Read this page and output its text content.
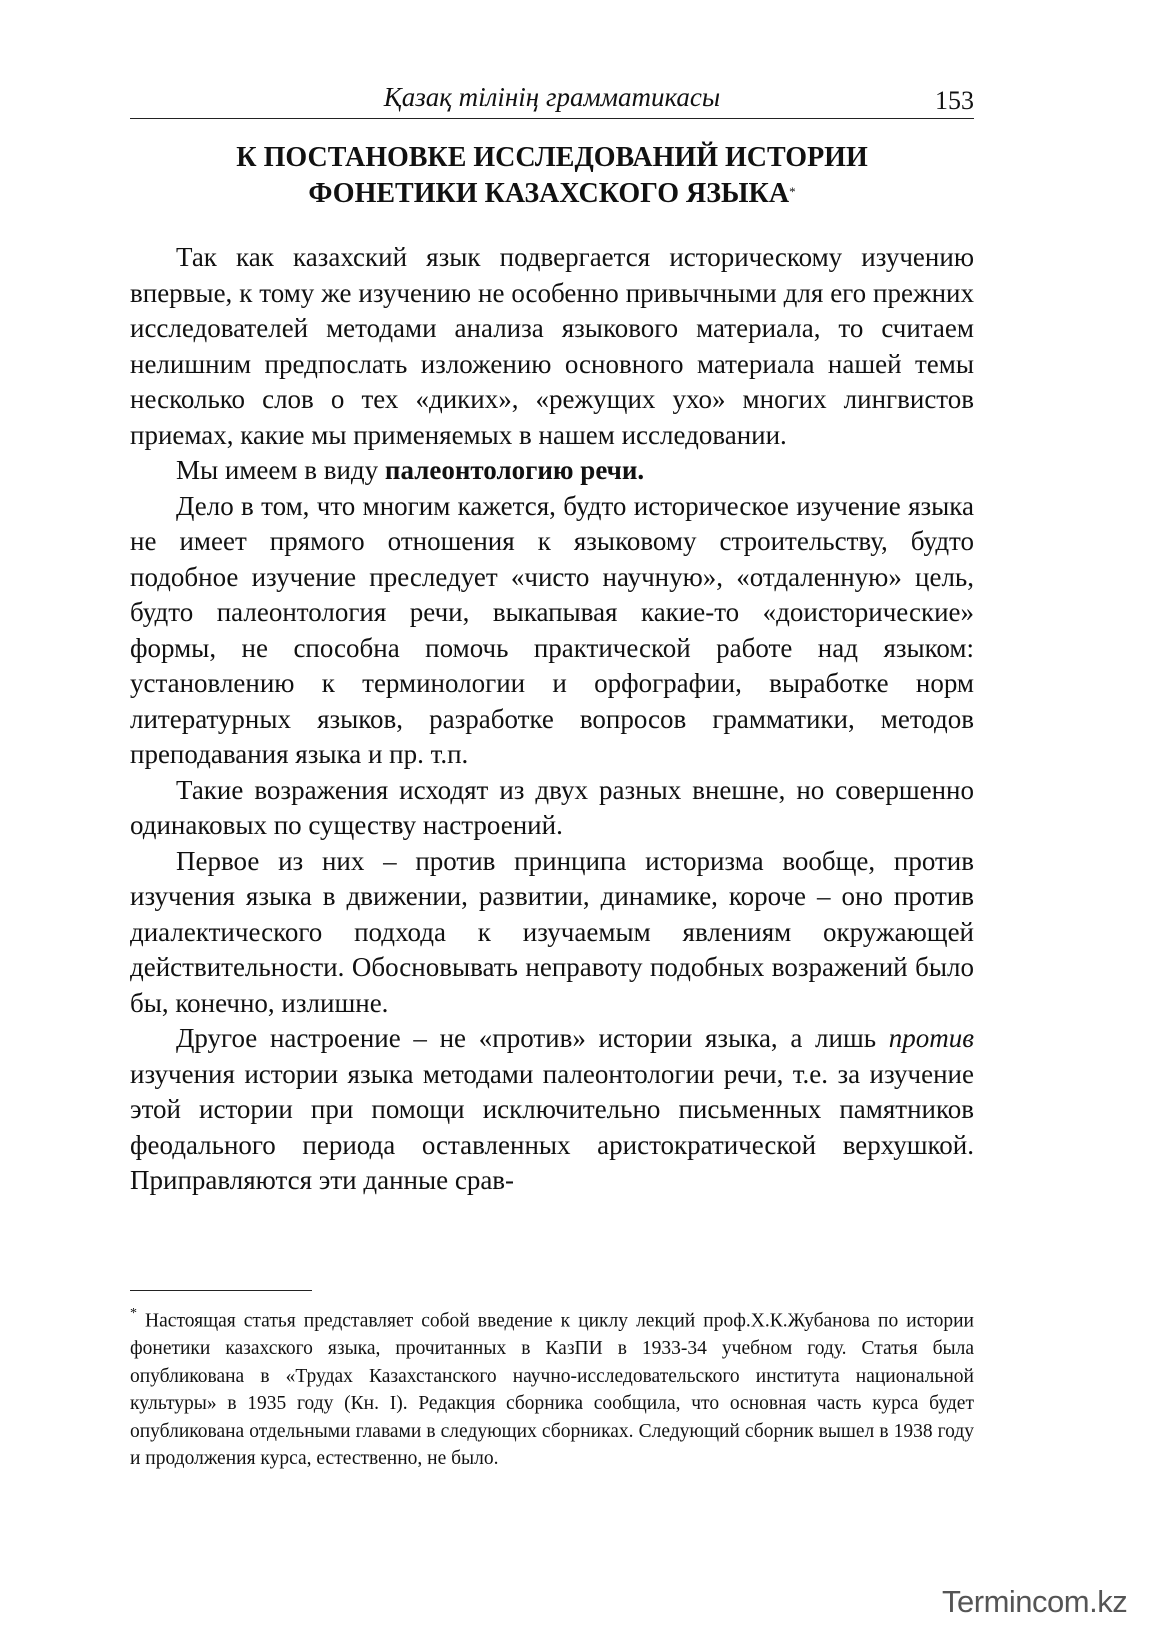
Қазақ тілінің грамматикасы	153
К ПОСТАНОВКЕ ИССЛЕДОВАНИЙ ИСТОРИИ
ФОНЕТИКИ КАЗАХСКОГО ЯЗЫКА*

Так как казахский язык подвергается историческому изучению впервые, к тому же изучению не особенно привычными для его прежних исследователей методами анализа языкового материала, то считаем нелишним предпослать изложению основного материала нашей темы несколько слов о тех «диких», «режущих ухо» многих лингвистов приемах, какие мы применяемых в нашем исследовании.

Мы имеем в виду палеонтологию речи.

Дело в том, что многим кажется, будто историческое изучение языка не имеет прямого отношения к языковому строительству, будто подобное изучение преследует «чисто научную», «отдаленную» цель, будто палеонтология речи, выкапывая какие-то «доисторические» формы, не способна помочь практической работе над языком: установлению к терминологии и орфографии, выработке норм литературных языков, разработке вопросов грамматики, методов преподавания языка и пр. т.п.

Такие возражения исходят из двух разных внешне, но совершенно одинаковых по существу настроений.

Первое из них – против принципа историзма вообще, против изучения языка в движении, развитии, динамике, короче – оно против диалектического подхода к изучаемым явлениям окружающей действительности. Обосновывать неправоту подобных возражений было бы, конечно, излишне.

Другое настроение – не «против» истории языка, а лишь против изучения истории языка методами палеонтологии речи, т.е. за изучение этой истории при помощи исключительно письменных памятников феодального периода оставленных аристократической верхушкой. Приправляются эти данные срав-

* Настоящая статья представляет собой введение к циклу лекций проф.Х.К.Жубанова по истории фонетики казахского языка, прочитанных в КазПИ в 1933-34 учебном году. Статья была опубликована в «Трудах Казахстанского научно-исследовательского института национальной культуры» в 1935 году (Кн. I). Редакция сборника сообщила, что основная часть курса будет опубликована отдельными главами в следующих сборниках. Следующий сборник вышел в 1938 году и продолжения курса, естественно, не было.
Termincom.kz
